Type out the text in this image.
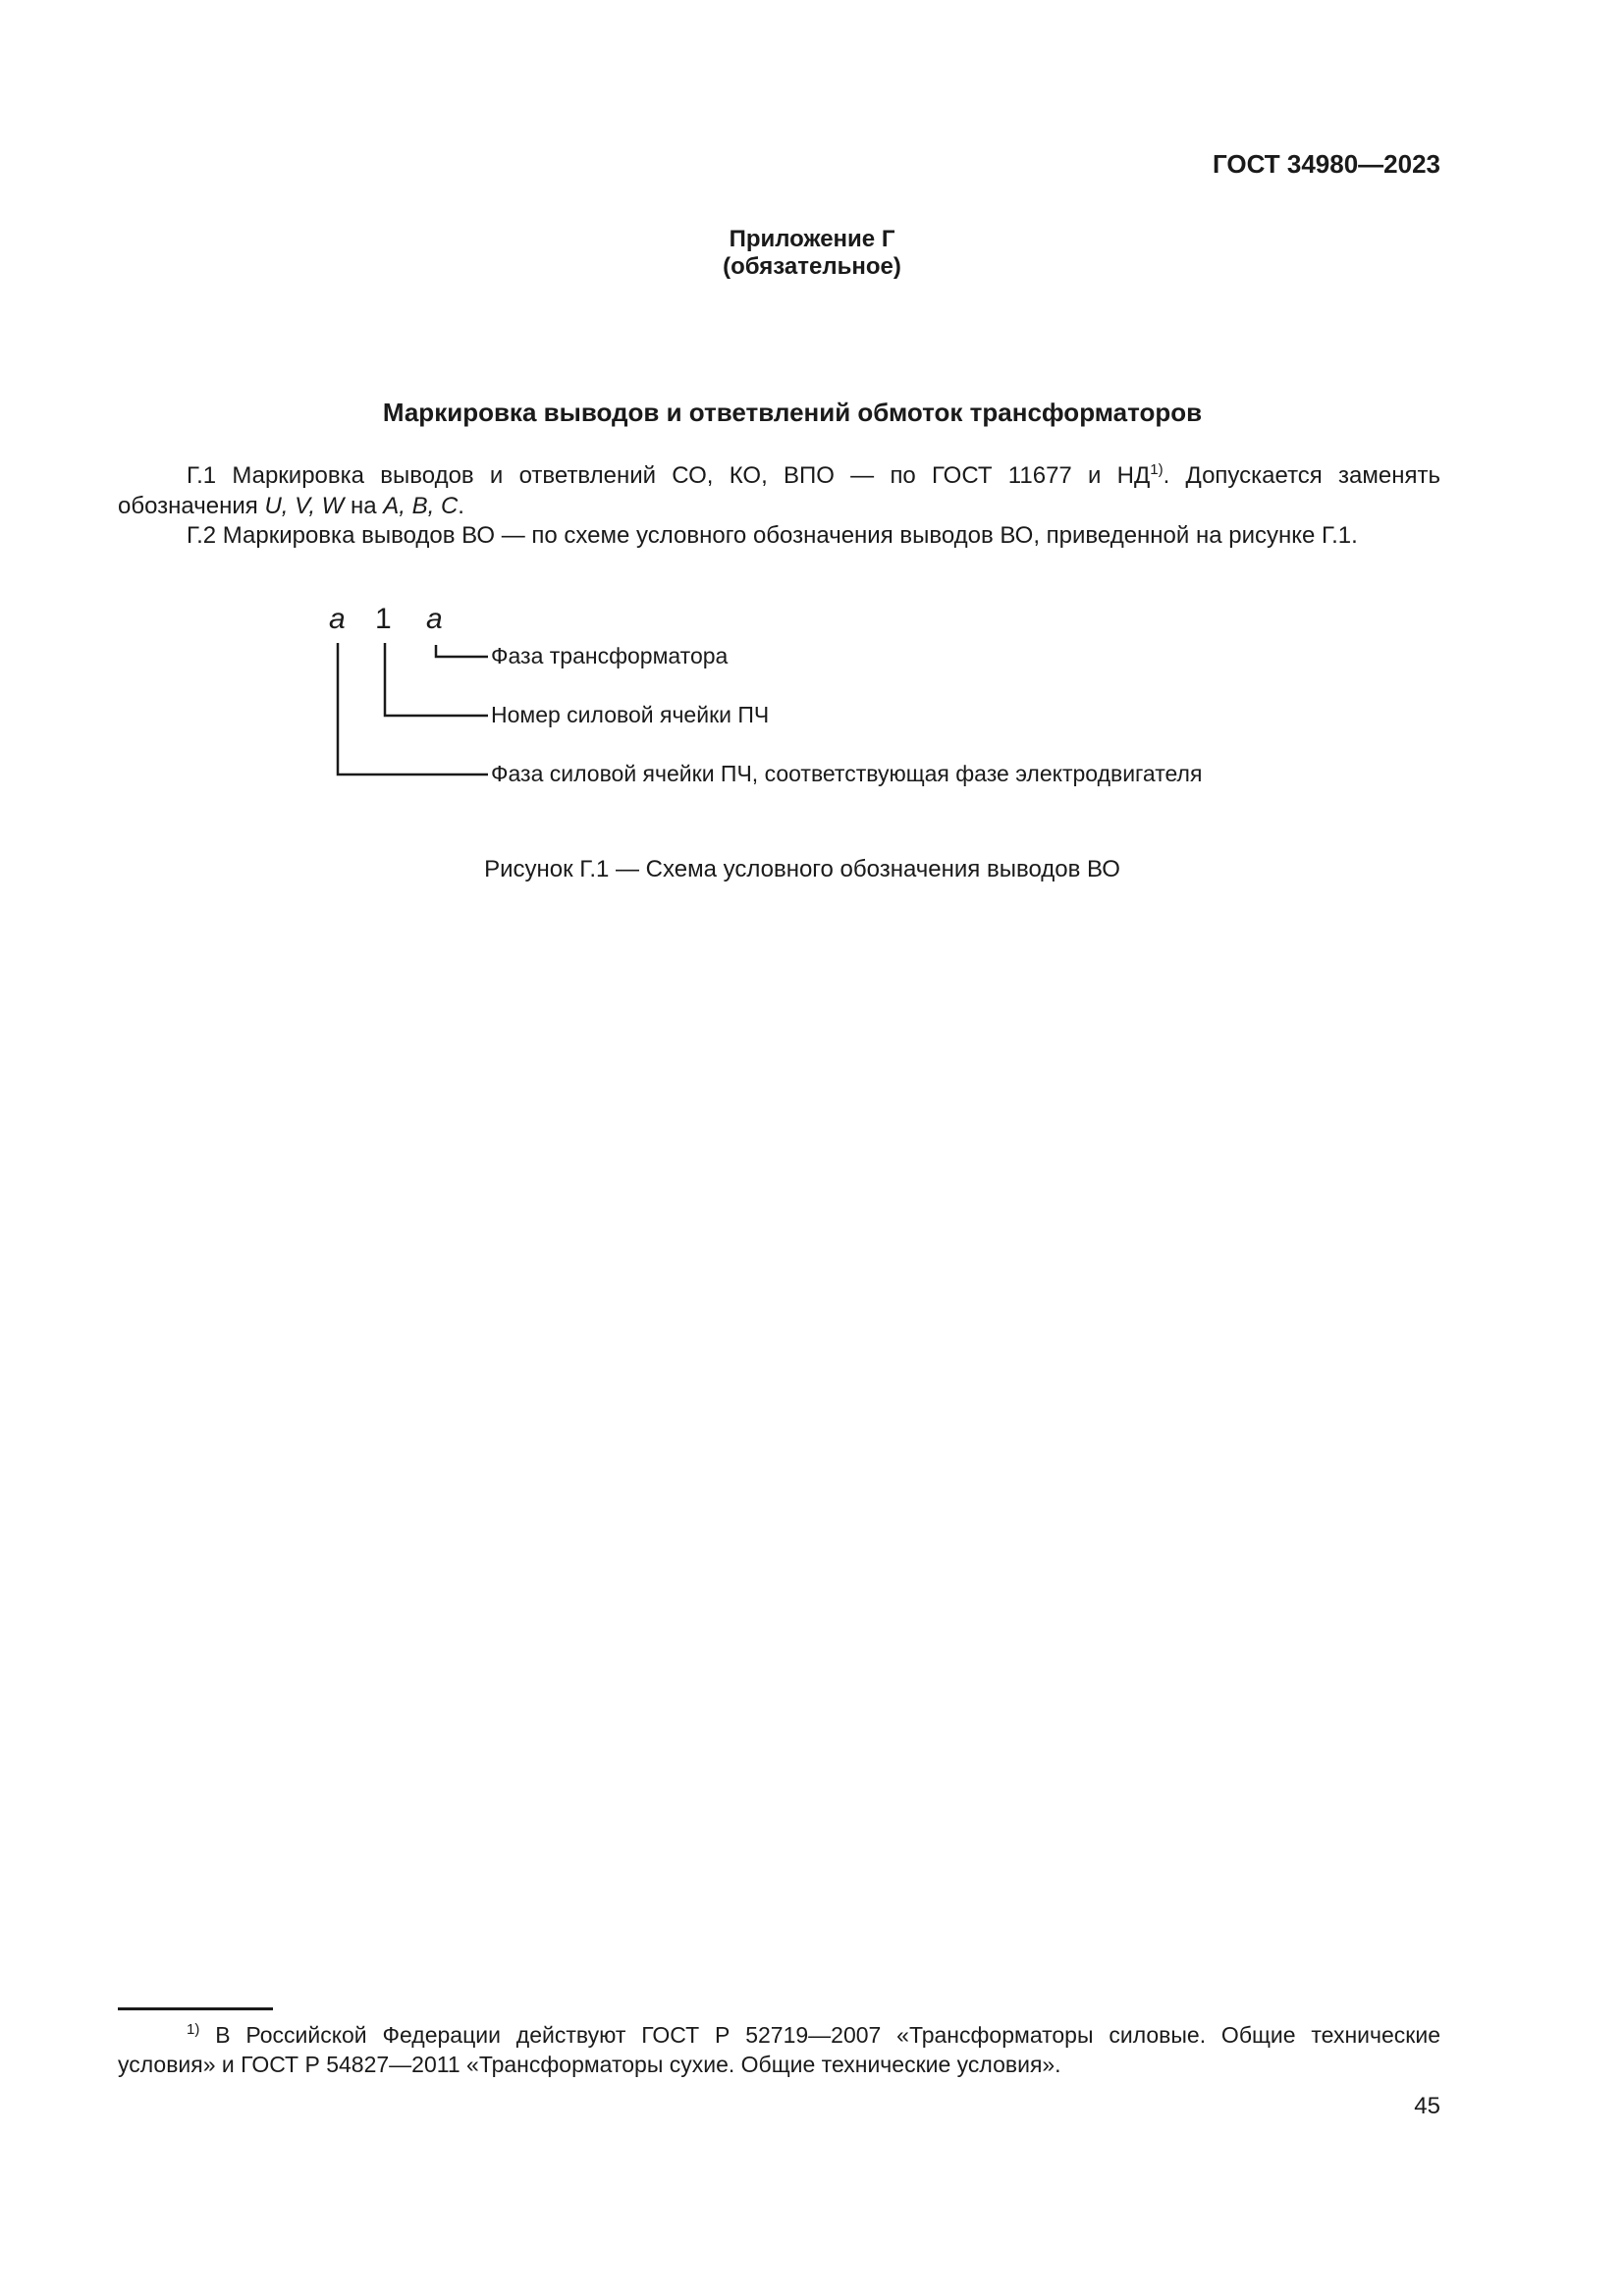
ГОСТ 34980—2023
Приложение Г
(обязательное)
Маркировка выводов и ответвлений обмоток трансформаторов

Г.1 Маркировка выводов и ответвлений СО, КО, ВПО — по ГОСТ 11677 и НД$^{1)}$. Допускается заменять обозначения U, V, W на A, B, C.

Г.2 Маркировка выводов ВО — по схеме условного обозначения выводов ВО, приведенной на рисунке Г.1.

a 1 a
Фаза трансформатора
Номер силовой ячейки ПЧ
Фаза силовой ячейки ПЧ, соответствующая фазе электродвигателя
Рисунок Г.1 — Схема условного обозначения выводов ВО
$^{1)}$ В Российской Федерации действуют ГОСТ Р 52719—2007 «Трансформаторы силовые. Общие технические условия» и ГОСТ Р 54827—2011 «Трансформаторы сухие. Общие технические условия».
45
